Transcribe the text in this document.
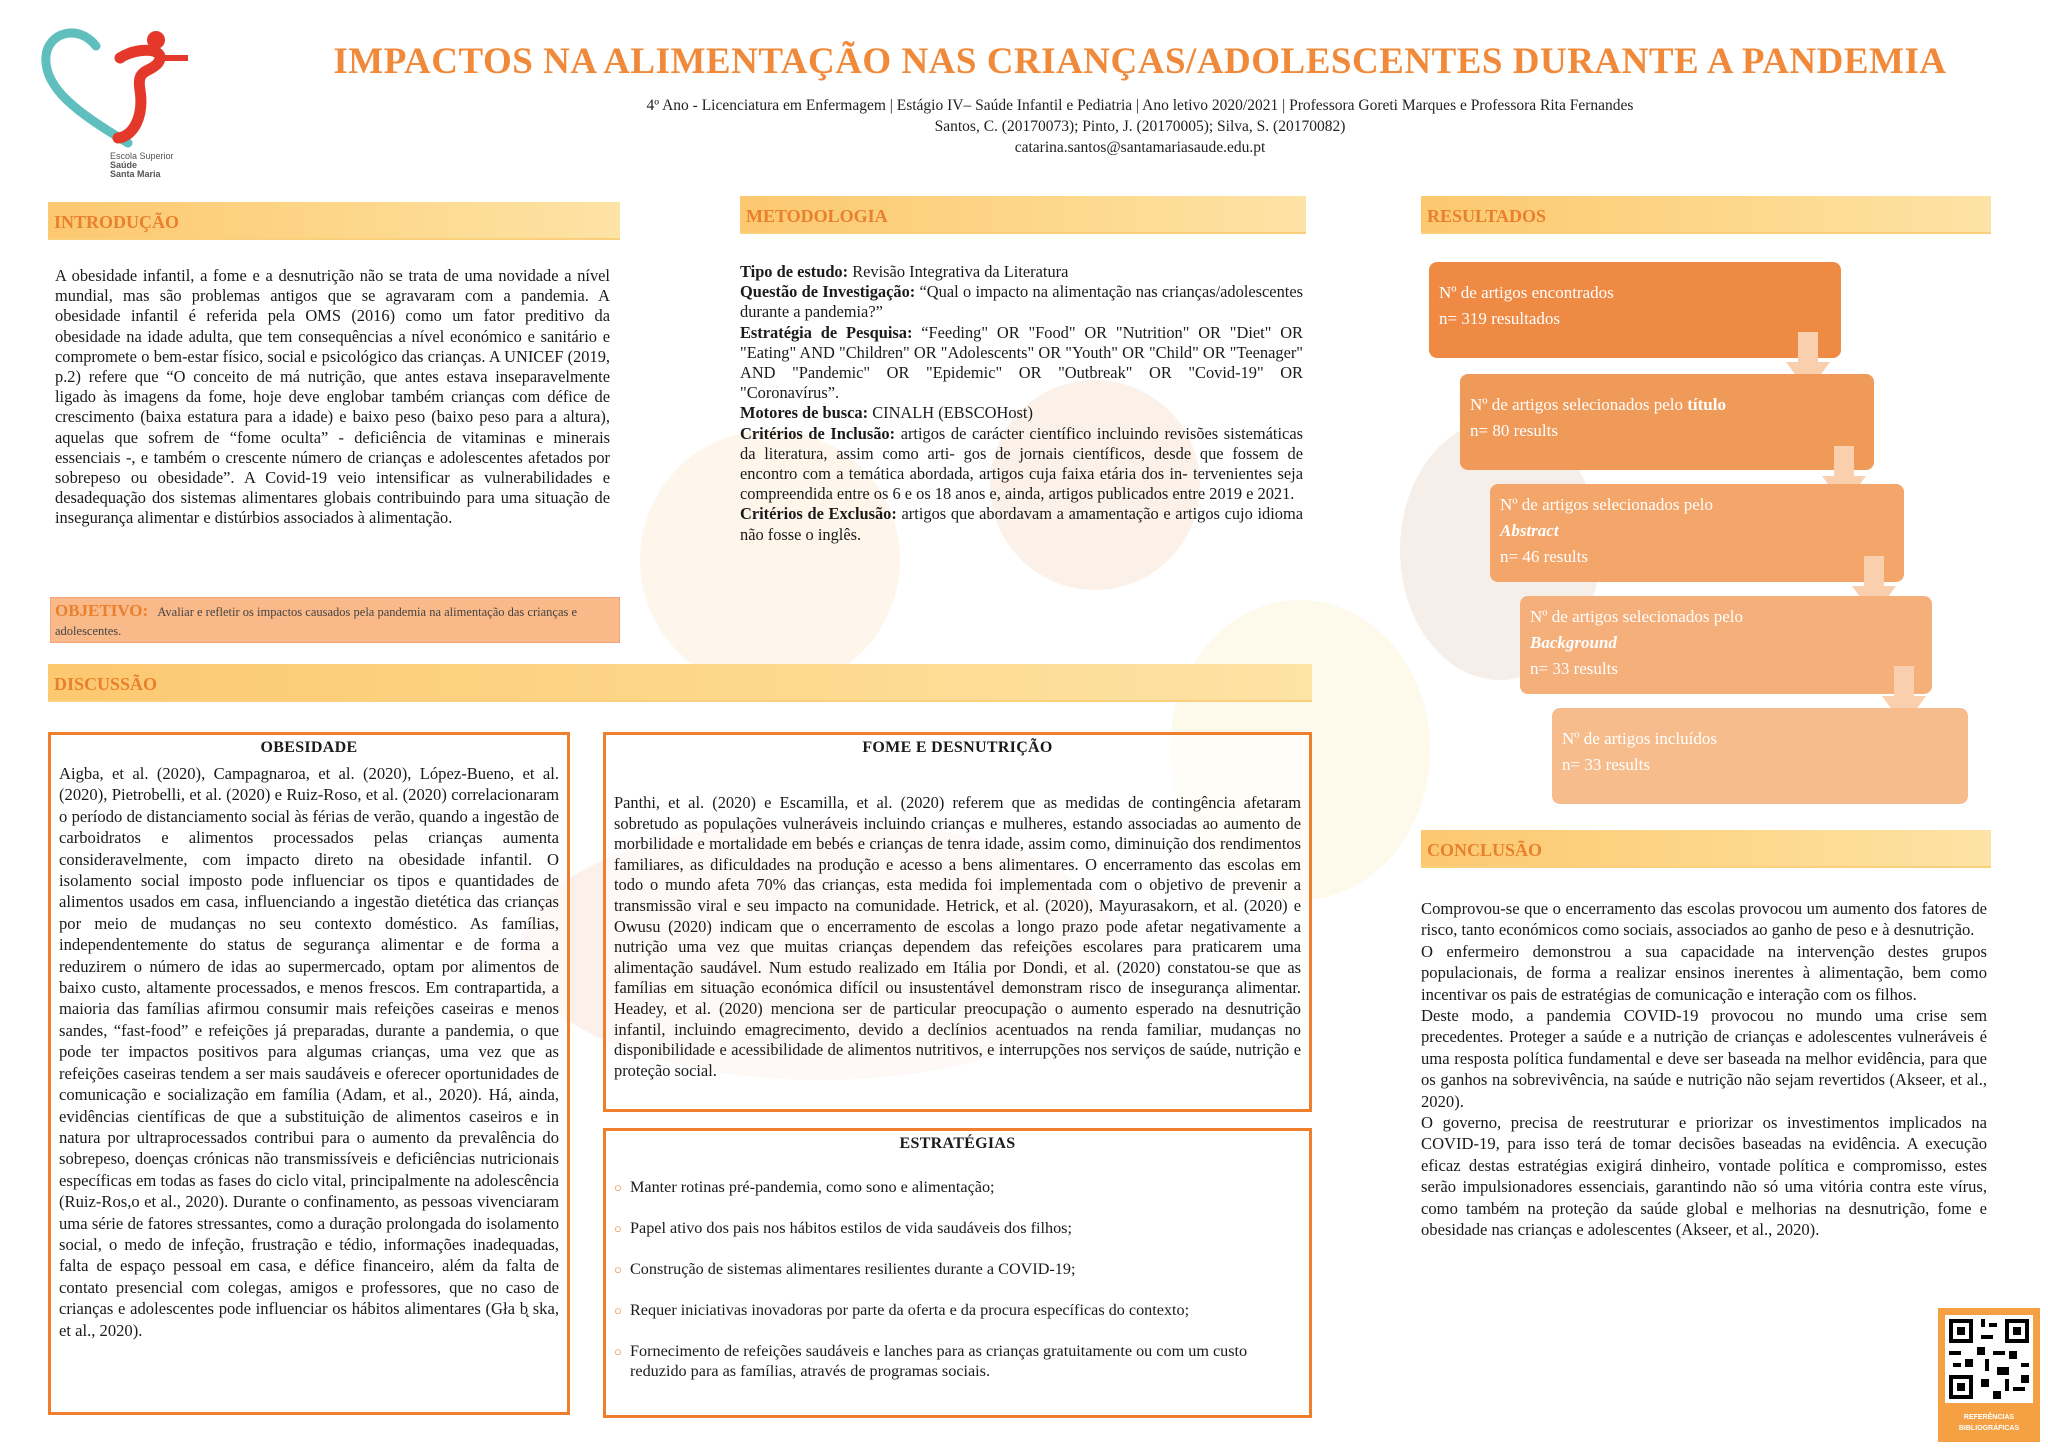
Escola Superior
Saúde
Santa Maria
IMPACTOS NA ALIMENTAÇÃO NAS CRIANÇAS/ADOLESCENTES DURANTE A PANDEMIA
4º Ano - Licenciatura em Enfermagem | Estágio IV– Saúde Infantil e Pediatria | Ano letivo 2020/2021 | Professora Goreti Marques e Professora Rita Fernandes
Santos, C. (20170073); Pinto, J. (20170005); Silva, S. (20170082)
catarina.santos@santamariasaude.edu.pt
INTRODUÇÃO
A obesidade infantil, a fome e a desnutrição não se trata de uma novidade a nível mundial, mas são problemas antigos que se agravaram com a pandemia. A obesidade infantil é referida pela OMS (2016) como um fator preditivo da obesidade na idade adulta, que tem consequências a nível económico e sanitário e compromete o bem-estar físico, social e psicológico das crianças. A UNICEF (2019, p.2) refere que “O conceito de má nutrição, que antes estava inseparavelmente ligado às imagens da fome, hoje deve englobar também crianças com défice de crescimento (baixa estatura para a idade) e baixo peso (baixo peso para a altura), aquelas que sofrem de “fome oculta” - deficiência de vitaminas e minerais essenciais -, e também o crescente número de crianças e adolescentes afetados por sobrepeso ou obesidade”. A Covid-19 veio intensificar as vulnerabilidades e desadequação dos sistemas alimentares globais contribuindo para uma situação de insegurança alimentar e distúrbios associados à alimentação.
OBJETIVO: Avaliar e refletir os impactos causados pela pandemia na alimentação das crianças e adolescentes.
METODOLOGIA

Tipo de estudo: Revisão Integrativa da Literatura

Questão de Investigação: “Qual o impacto na alimentação nas crianças/adolescentes durante a pandemia?”

Estratégia de Pesquisa: “Feeding" OR "Food" OR "Nutrition" OR "Diet" OR "Eating" AND "Children" OR "Adolescents" OR "Youth" OR "Child" OR "Teenager" AND "Pandemic" OR "Epidemic" OR "Outbreak" OR "Covid-19" OR "Coronavírus”.

Motores de busca: CINALH (EBSCOHost)

Critérios de Inclusão: artigos de carácter científico incluindo revisões sistemáticas da literatura, assim como arti- gos de jornais científicos, desde que fossem de encontro com a temática abordada, artigos cuja faixa etária dos in- tervenientes seja compreendida entre os 6 e os 18 anos e, ainda, artigos publicados entre 2019 e 2021.

Critérios de Exclusão: artigos que abordavam a amamentação e artigos cujo idioma não fosse o inglês.

RESULTADOS
Nº de artigos encontrados
n= 319 resultados
Nº de artigos selecionados pelo título
n= 80 results
Nº de artigos selecionados pelo
Abstract
n= 46 results
Nº de artigos selecionados pelo
Background
n= 33 results
Nº de artigos incluídos
n= 33 results
DISCUSSÃO
OBESIDADE
Aigba, et al. (2020), Campagnaroa, et al. (2020), López-Bueno, et al. (2020), Pietrobelli, et al. (2020) e Ruiz-Roso, et al. (2020) correlacionaram o período de distanciamento social às férias de verão, quando a ingestão de carboidratos e alimentos processados pelas crianças aumenta consideravelmente, com impacto direto na obesidade infantil. O isolamento social imposto pode influenciar os tipos e quantidades de alimentos usados em casa, influenciando a ingestão dietética das crianças por meio de mudanças no seu contexto doméstico. As famílias, independentemente do status de segurança alimentar e de forma a reduzirem o número de idas ao supermercado, optam por alimentos de baixo custo, altamente processados, e menos frescos. Em contrapartida, a maioria das famílias afirmou consumir mais refeições caseiras e menos sandes, “fast-food” e refeições já preparadas, durante a pandemia, o que pode ter impactos positivos para algumas crianças, uma vez que as refeições caseiras tendem a ser mais saudáveis e oferecer oportunidades de comunicação e socialização em família (Adam, et al., 2020). Há, ainda, evidências científicas de que a substituição de alimentos caseiros e in natura por ultraprocessados contribui para o aumento da prevalência do sobrepeso, doenças crónicas não transmissíveis e deficiências nutricionais específicas em todas as fases do ciclo vital, principalmente na adolescência (Ruiz-Ros,o et al., 2020). Durante o confinamento, as pessoas vivenciaram uma série de fatores stressantes, como a duração prolongada do isolamento social, o medo de infeção, frustração e tédio, informações inadequadas, falta de espaço pessoal em casa, e défice financeiro, além da falta de contato presencial com colegas, amigos e professores, que no caso de crianças e adolescentes pode influenciar os hábitos alimentares (Gła b̨ ska, et al., 2020).
FOME E DESNUTRIÇÃO
Panthi, et al. (2020) e Escamilla, et al. (2020) referem que as medidas de contingência afetaram sobretudo as populações vulneráveis incluindo crianças e mulheres, estando associadas ao aumento de morbilidade e mortalidade em bebés e crianças de tenra idade, assim como, diminuição dos rendimentos familiares, as dificuldades na produção e acesso a bens alimentares. O encerramento das escolas em todo o mundo afeta 70% das crianças, esta medida foi implementada com o objetivo de prevenir a transmissão viral e seu impacto na comunidade. Hetrick, et al. (2020), Mayurasakorn, et al. (2020) e Owusu (2020) indicam que o encerramento de escolas a longo prazo pode afetar negativamente a nutrição uma vez que muitas crianças dependem das refeições escolares para praticarem uma alimentação saudável. Num estudo realizado em Itália por Dondi, et al. (2020) constatou-se que as famílias em situação económica difícil ou insustentável demonstram risco de insegurança alimentar. Headey, et al. (2020) menciona ser de particular preocupação o aumento esperado na desnutrição infantil, incluindo emagrecimento, devido a declínios acentuados na renda familiar, mudanças no disponibilidade e acessibilidade de alimentos nutritivos, e interrupções nos serviços de saúde, nutrição e proteção social.
ESTRATÉGIAS
○ Manter rotinas pré-pandemia, como sono e alimentação;
○ Papel ativo dos pais nos hábitos estilos de vida saudáveis dos filhos;
○ Construção de sistemas alimentares resilientes durante a COVID-19;
○ Requer iniciativas inovadoras por parte da oferta e da procura específicas do contexto;
○ Fornecimento de refeições saudáveis e lanches para as crianças gratuitamente ou com um custo reduzido para as famílias, através de programas sociais.
CONCLUSÃO

Comprovou-se que o encerramento das escolas provocou um aumento dos fatores de risco, tanto económicos como sociais, associados ao ganho de peso e à desnutrição.

O enfermeiro demonstrou a sua capacidade na intervenção destes grupos populacionais, de forma a realizar ensinos inerentes à alimentação, bem como incentivar os pais de estratégias de comunicação e interação com os filhos.

Deste modo, a pandemia COVID-19 provocou no mundo uma crise sem precedentes. Proteger a saúde e a nutrição de crianças e adolescentes vulneráveis é uma resposta política fundamental e deve ser baseada na melhor evidência, para que os ganhos na sobrevivência, na saúde e nutrição não sejam revertidos (Akseer, et al., 2020).

O governo, precisa de reestruturar e priorizar os investimentos implicados na COVID-19, para isso terá de tomar decisões baseadas na evidência. A execução eficaz destas estratégias exigirá dinheiro, vontade política e compromisso, estes serão impulsionadores essenciais, garantindo não só uma vitória contra este vírus, como também na proteção da saúde global e melhorias na desnutrição, fome e obesidade nas crianças e adolescentes (Akseer, et al., 2020).

REFERÊNCIAS
BIBLIOGRÁFICAS
